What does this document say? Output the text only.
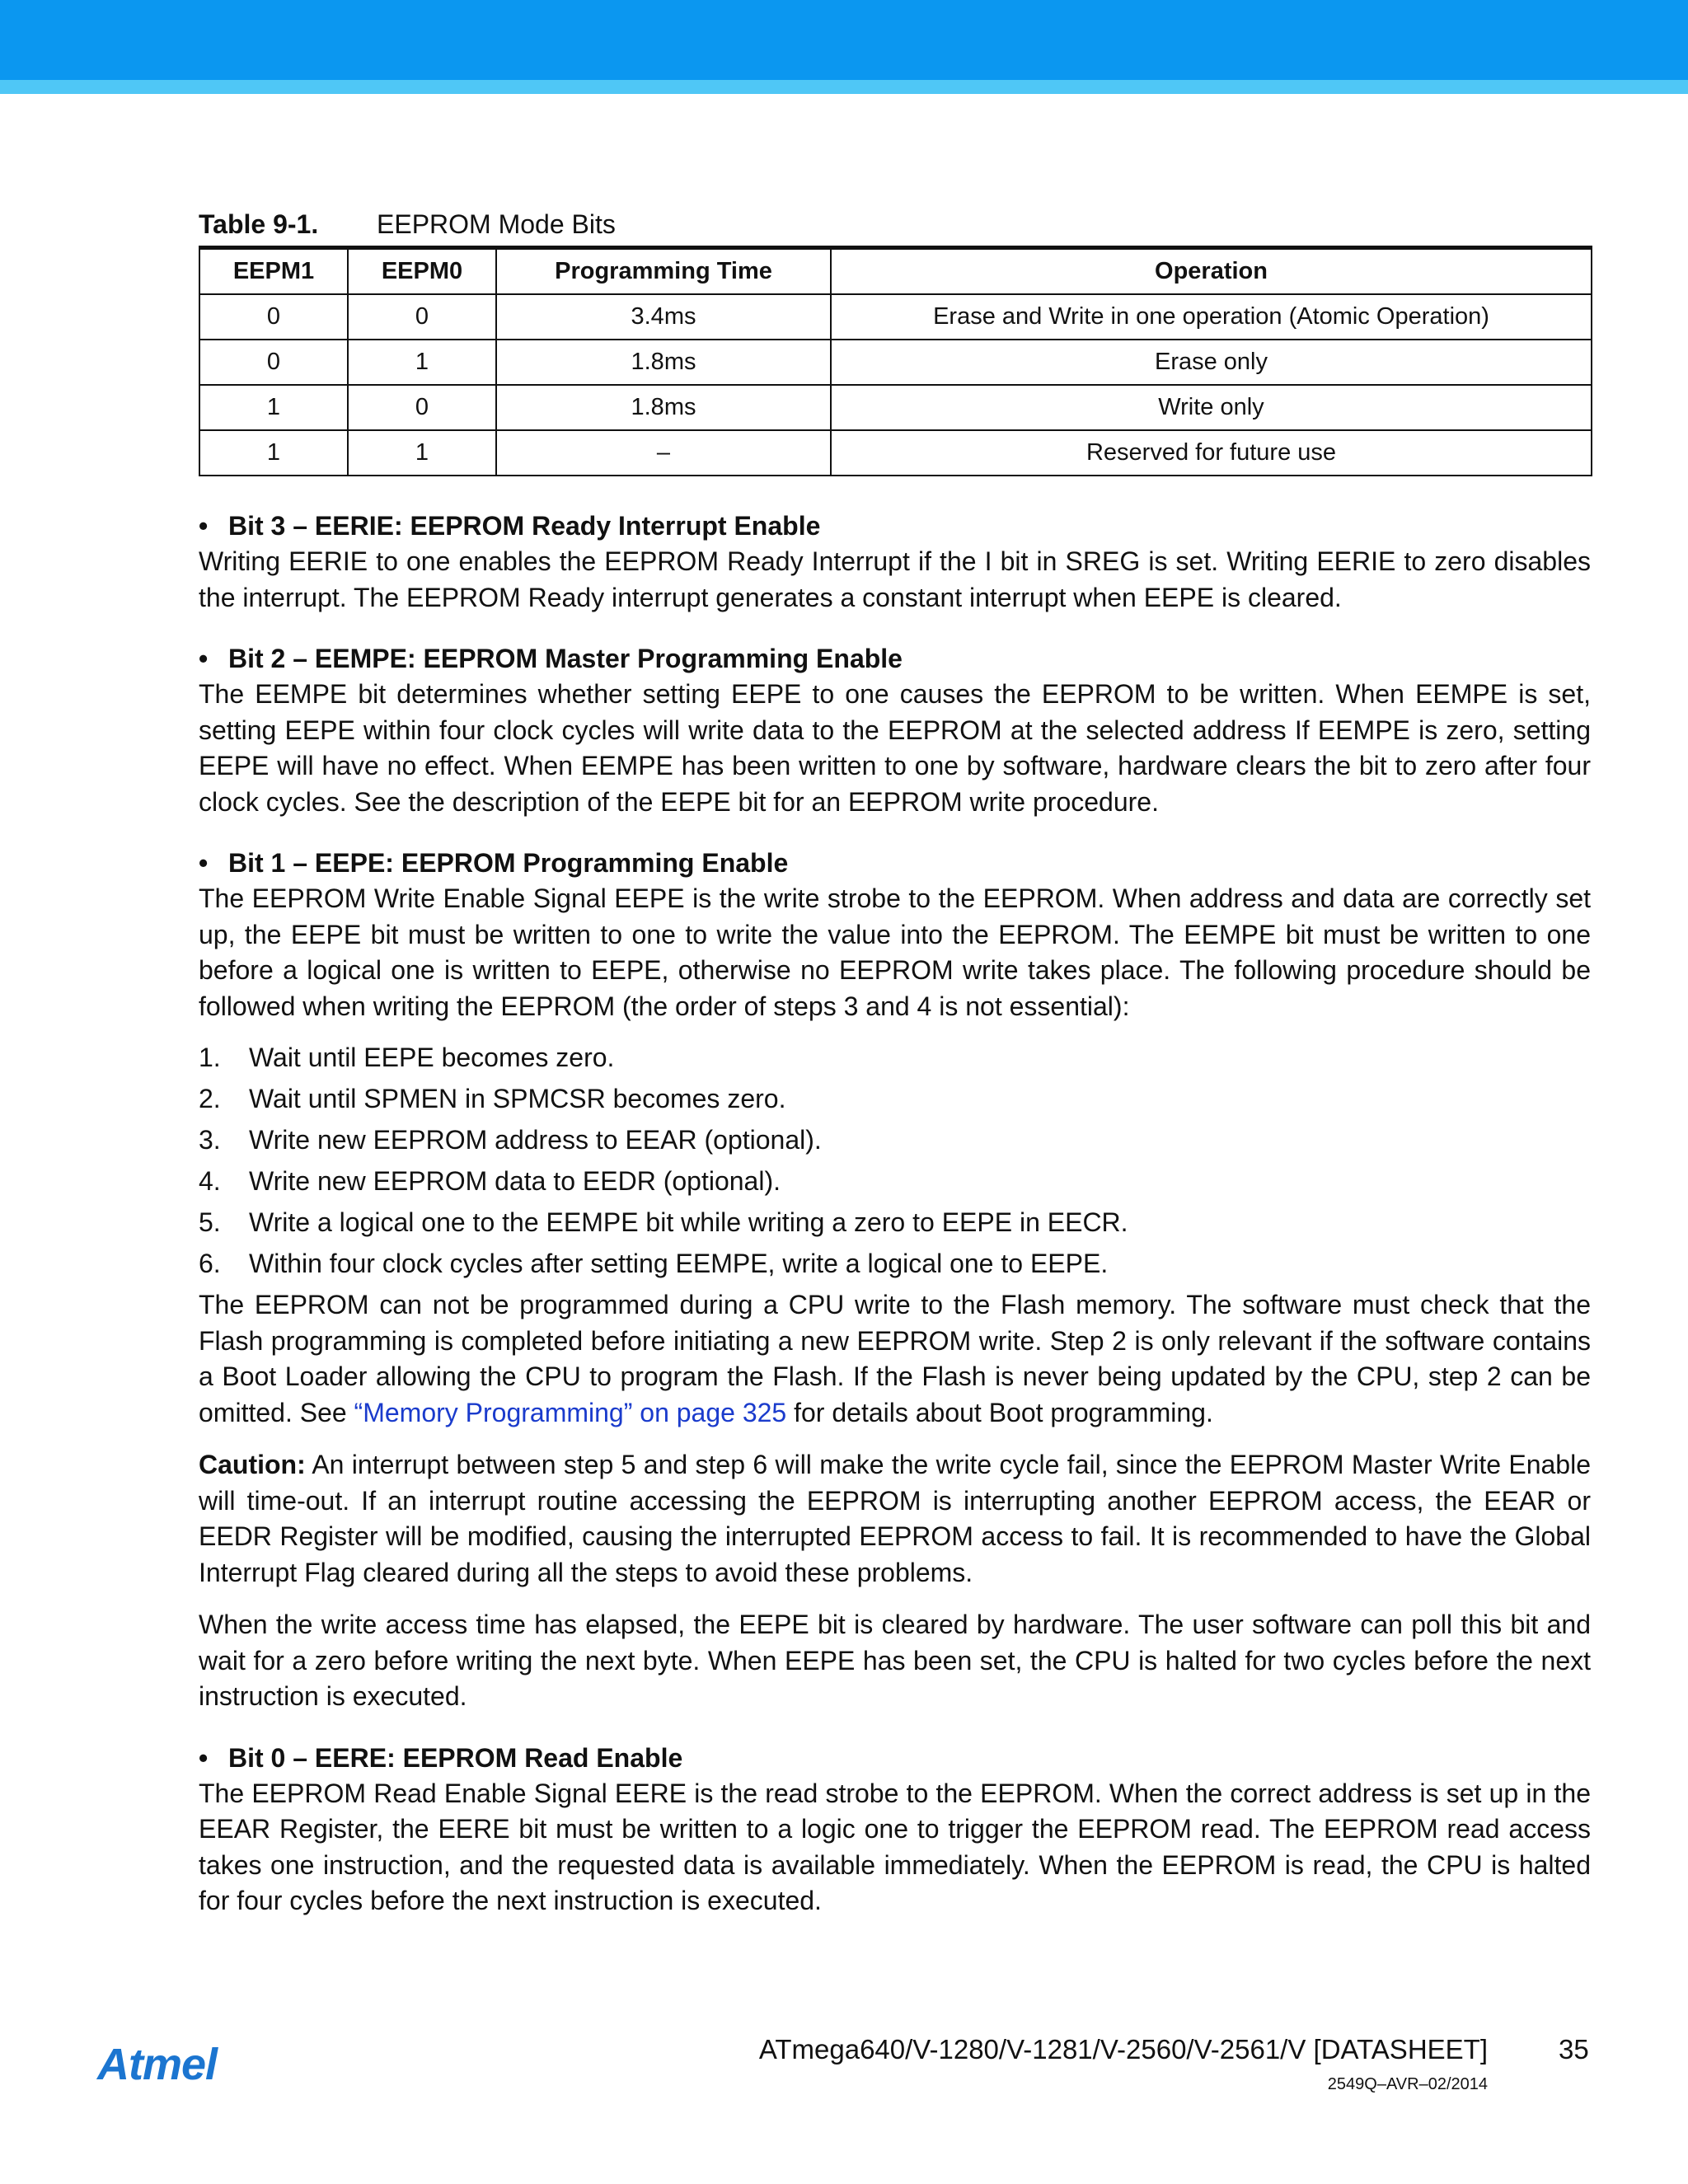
Table 9-1. EEPROM Mode Bits
EEPM1	EEPM0	Programming Time	Operation
0	0	3.4ms	Erase and Write in one operation (Atomic Operation)
0	1	1.8ms	Erase only
1	0	1.8ms	Write only
1	1	–	Reserved for future use
• Bit 3 – EERIE: EEPROM Ready Interrupt Enable

Writing EERIE to one enables the EEPROM Ready Interrupt if the I bit in SREG is set. Writing EERIE to zero disables the interrupt. The EEPROM Ready interrupt generates a constant interrupt when EEPE is cleared.

• Bit 2 – EEMPE: EEPROM Master Programming Enable

The EEMPE bit determines whether setting EEPE to one causes the EEPROM to be written. When EEMPE is set, setting EEPE within four clock cycles will write data to the EEPROM at the selected address If EEMPE is zero, setting EEPE will have no effect. When EEMPE has been written to one by software, hardware clears the bit to zero after four clock cycles. See the description of the EEPE bit for an EEPROM write procedure.

• Bit 1 – EEPE: EEPROM Programming Enable

The EEPROM Write Enable Signal EEPE is the write strobe to the EEPROM. When address and data are correctly set up, the EEPE bit must be written to one to write the value into the EEPROM. The EEMPE bit must be written to one before a logical one is written to EEPE, otherwise no EEPROM write takes place. The following procedure should be followed when writing the EEPROM (the order of steps 3 and 4 is not essential):

1. Wait until EEPE becomes zero.
2. Wait until SPMEN in SPMCSR becomes zero.
3. Write new EEPROM address to EEAR (optional).
4. Write new EEPROM data to EEDR (optional).
5. Write a logical one to the EEMPE bit while writing a zero to EEPE in EECR.
6. Within four clock cycles after setting EEMPE, write a logical one to EEPE.

The EEPROM can not be programmed during a CPU write to the Flash memory. The software must check that the Flash programming is completed before initiating a new EEPROM write. Step 2 is only relevant if the software contains a Boot Loader allowing the CPU to program the Flash. If the Flash is never being updated by the CPU, step 2 can be omitted. See “Memory Programming” on page 325 for details about Boot programming.

Caution: An interrupt between step 5 and step 6 will make the write cycle fail, since the EEPROM Master Write Enable will time-out. If an interrupt routine accessing the EEPROM is interrupting another EEPROM access, the EEAR or EEDR Register will be modified, causing the interrupted EEPROM access to fail. It is recommended to have the Global Interrupt Flag cleared during all the steps to avoid these problems.

When the write access time has elapsed, the EEPE bit is cleared by hardware. The user software can poll this bit and wait for a zero before writing the next byte. When EEPE has been set, the CPU is halted for two cycles before the next instruction is executed.

• Bit 0 – EERE: EEPROM Read Enable

The EEPROM Read Enable Signal EERE is the read strobe to the EEPROM. When the correct address is set up in the EEAR Register, the EERE bit must be written to a logic one to trigger the EEPROM read. The EEPROM read access takes one instruction, and the requested data is available immediately. When the EEPROM is read, the CPU is halted for four cycles before the next instruction is executed.

Atmel	ATmega640/V-1280/V-1281/V-2560/V-2561/V [DATASHEET]	35
2549Q–AVR–02/2014
